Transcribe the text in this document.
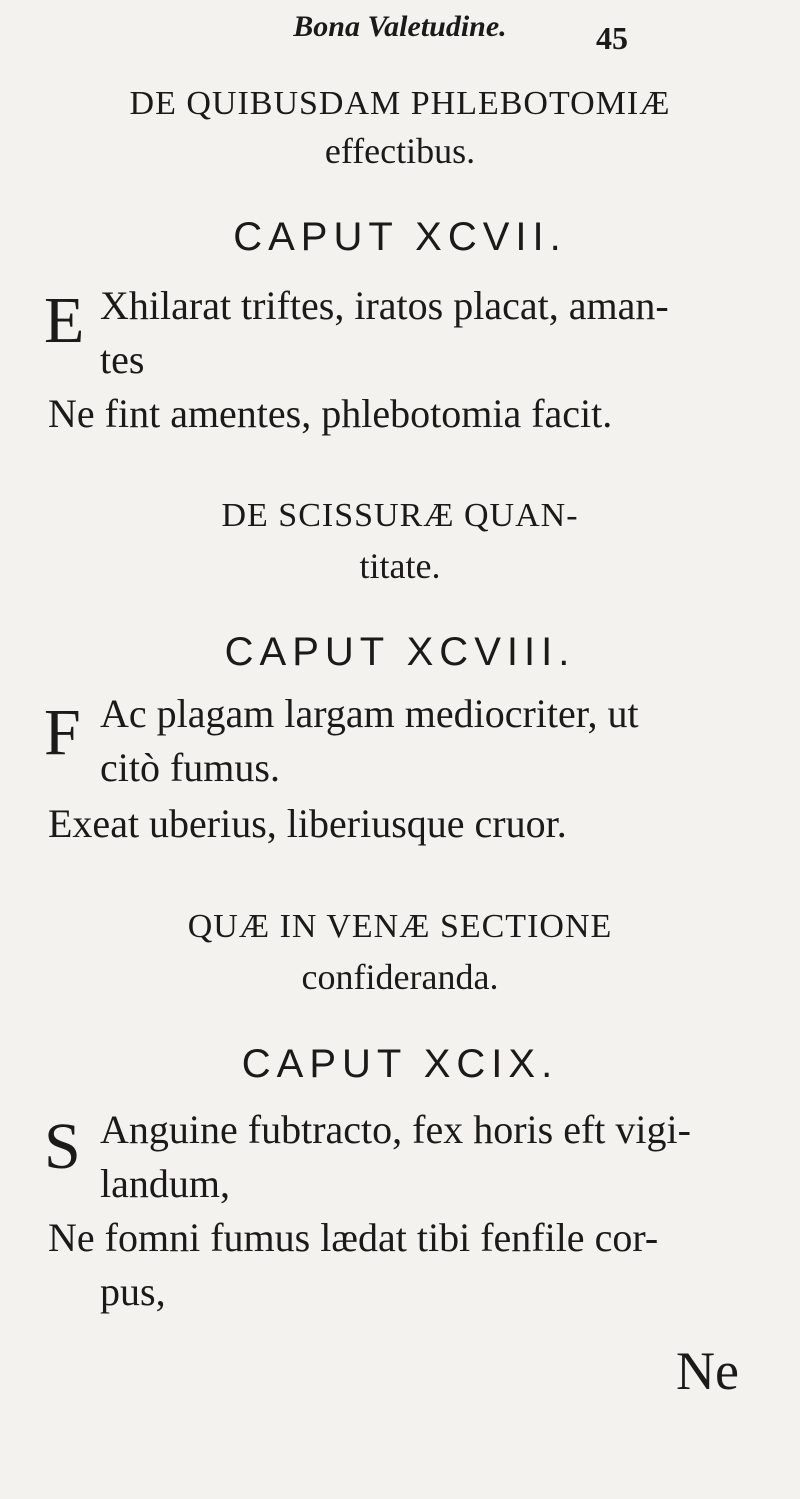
Bona Valetudine.	45
DE QUIBUSDAM PHLEBOTOMIÆ
effectibus.
CAPUT XCVII.
E Xhilarat triftes, iratos placat, aman-
tes
Ne fint amentes, phlebotomia facit.
DE SCISSURÆ QUAN-
titate.
CAPUT XCVIII.
F Ac plagam largam mediocriter, ut
citò fumus.
Exeat uberius, liberiusque cruor.
QUÆ IN VENÆ SECTIONE
confideranda.
CAPUT XCIX.
S Anguine fubtracto, fex horis eft vigi-
landum,
Ne fomni fumus lædat tibi fenfile cor-
pus,
Ne
